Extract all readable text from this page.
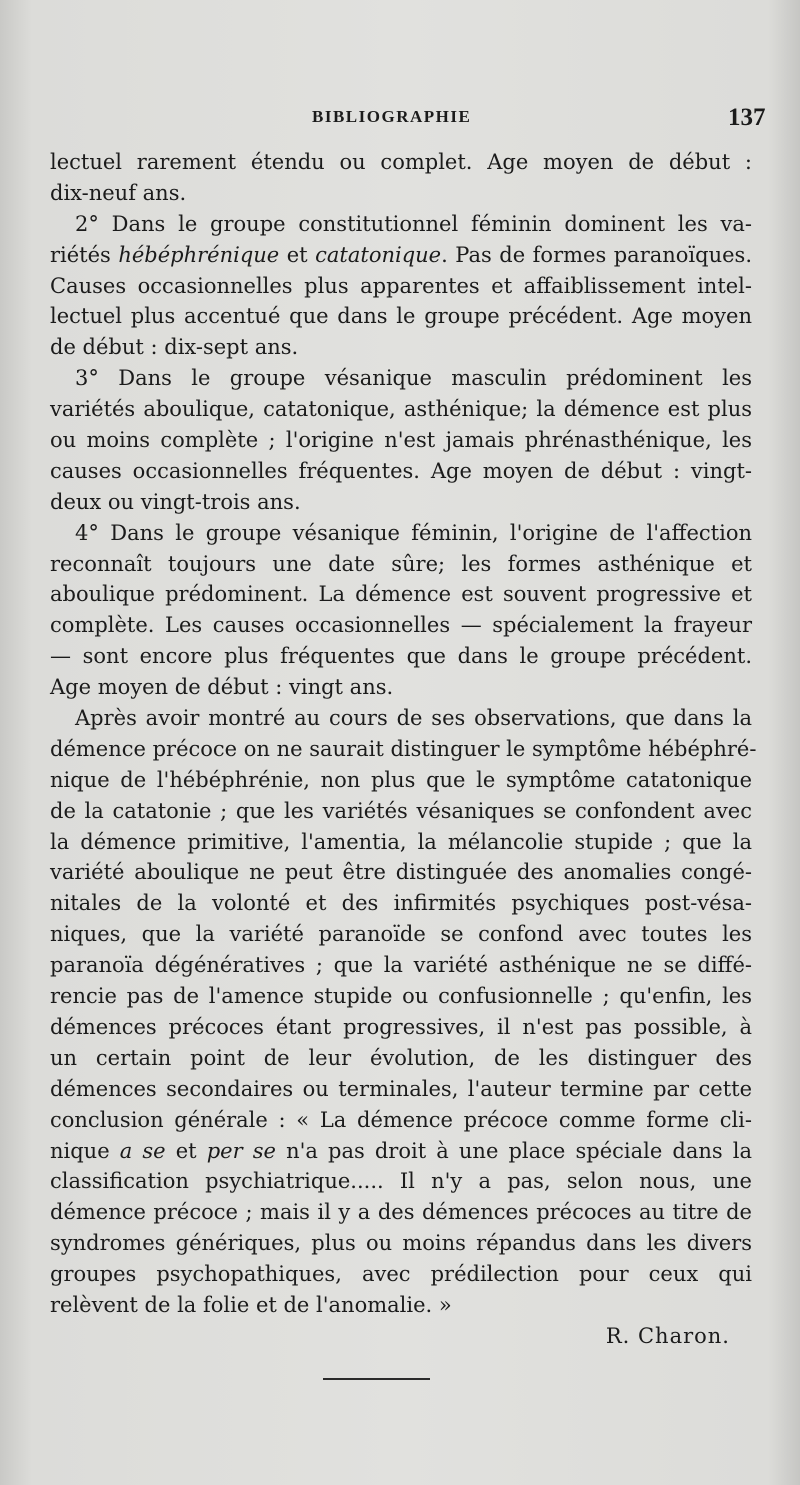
BIBLIOGRAPHIE	137
lectuel rarement étendu ou complet. Age moyen de début :
dix-neuf ans.
2° Dans le groupe constitutionnel féminin dominent les va-
riétés hébéphrénique et catatonique. Pas de formes paranoïques.
Causes occasionnelles plus apparentes et affaiblissement intel-
lectuel plus accentué que dans le groupe précédent. Age moyen
de début : dix-sept ans.
3° Dans le groupe vésanique masculin prédominent les
variétés aboulique, catatonique, asthénique; la démence est plus
ou moins complète ; l'origine n'est jamais phrénasthénique, les
causes occasionnelles fréquentes. Age moyen de début : vingt-
deux ou vingt-trois ans.
4° Dans le groupe vésanique féminin, l'origine de l'affection
reconnaît toujours une date sûre; les formes asthénique et
aboulique prédominent. La démence est souvent progressive et
complète. Les causes occasionnelles — spécialement la frayeur
— sont encore plus fréquentes que dans le groupe précédent.
Age moyen de début : vingt ans.
Après avoir montré au cours de ses observations, que dans la
démence précoce on ne saurait distinguer le symptôme hébéphré-
nique de l'hébéphrénie, non plus que le symptôme catatonique
de la catatonie ; que les variétés vésaniques se confondent avec
la démence primitive, l'amentia, la mélancolie stupide ; que la
variété aboulique ne peut être distinguée des anomalies congé-
nitales de la volonté et des infirmités psychiques post-vésa-
niques, que la variété paranoïde se confond avec toutes les
paranoïa dégénératives ; que la variété asthénique ne se diffé-
rencie pas de l'amence stupide ou confusionnelle ; qu'enfin, les
démences précoces étant progressives, il n'est pas possible, à
un certain point de leur évolution, de les distinguer des
démences secondaires ou terminales, l'auteur termine par cette
conclusion générale : « La démence précoce comme forme cli-
nique a se et per se n'a pas droit à une place spéciale dans la
classification psychiatrique..... Il n'y a pas, selon nous, une
démence précoce ; mais il y a des démences précoces au titre de
syndromes génériques, plus ou moins répandus dans les divers
groupes psychopathiques, avec prédilection pour ceux qui
relèvent de la folie et de l'anomalie. »
R. Charon.
